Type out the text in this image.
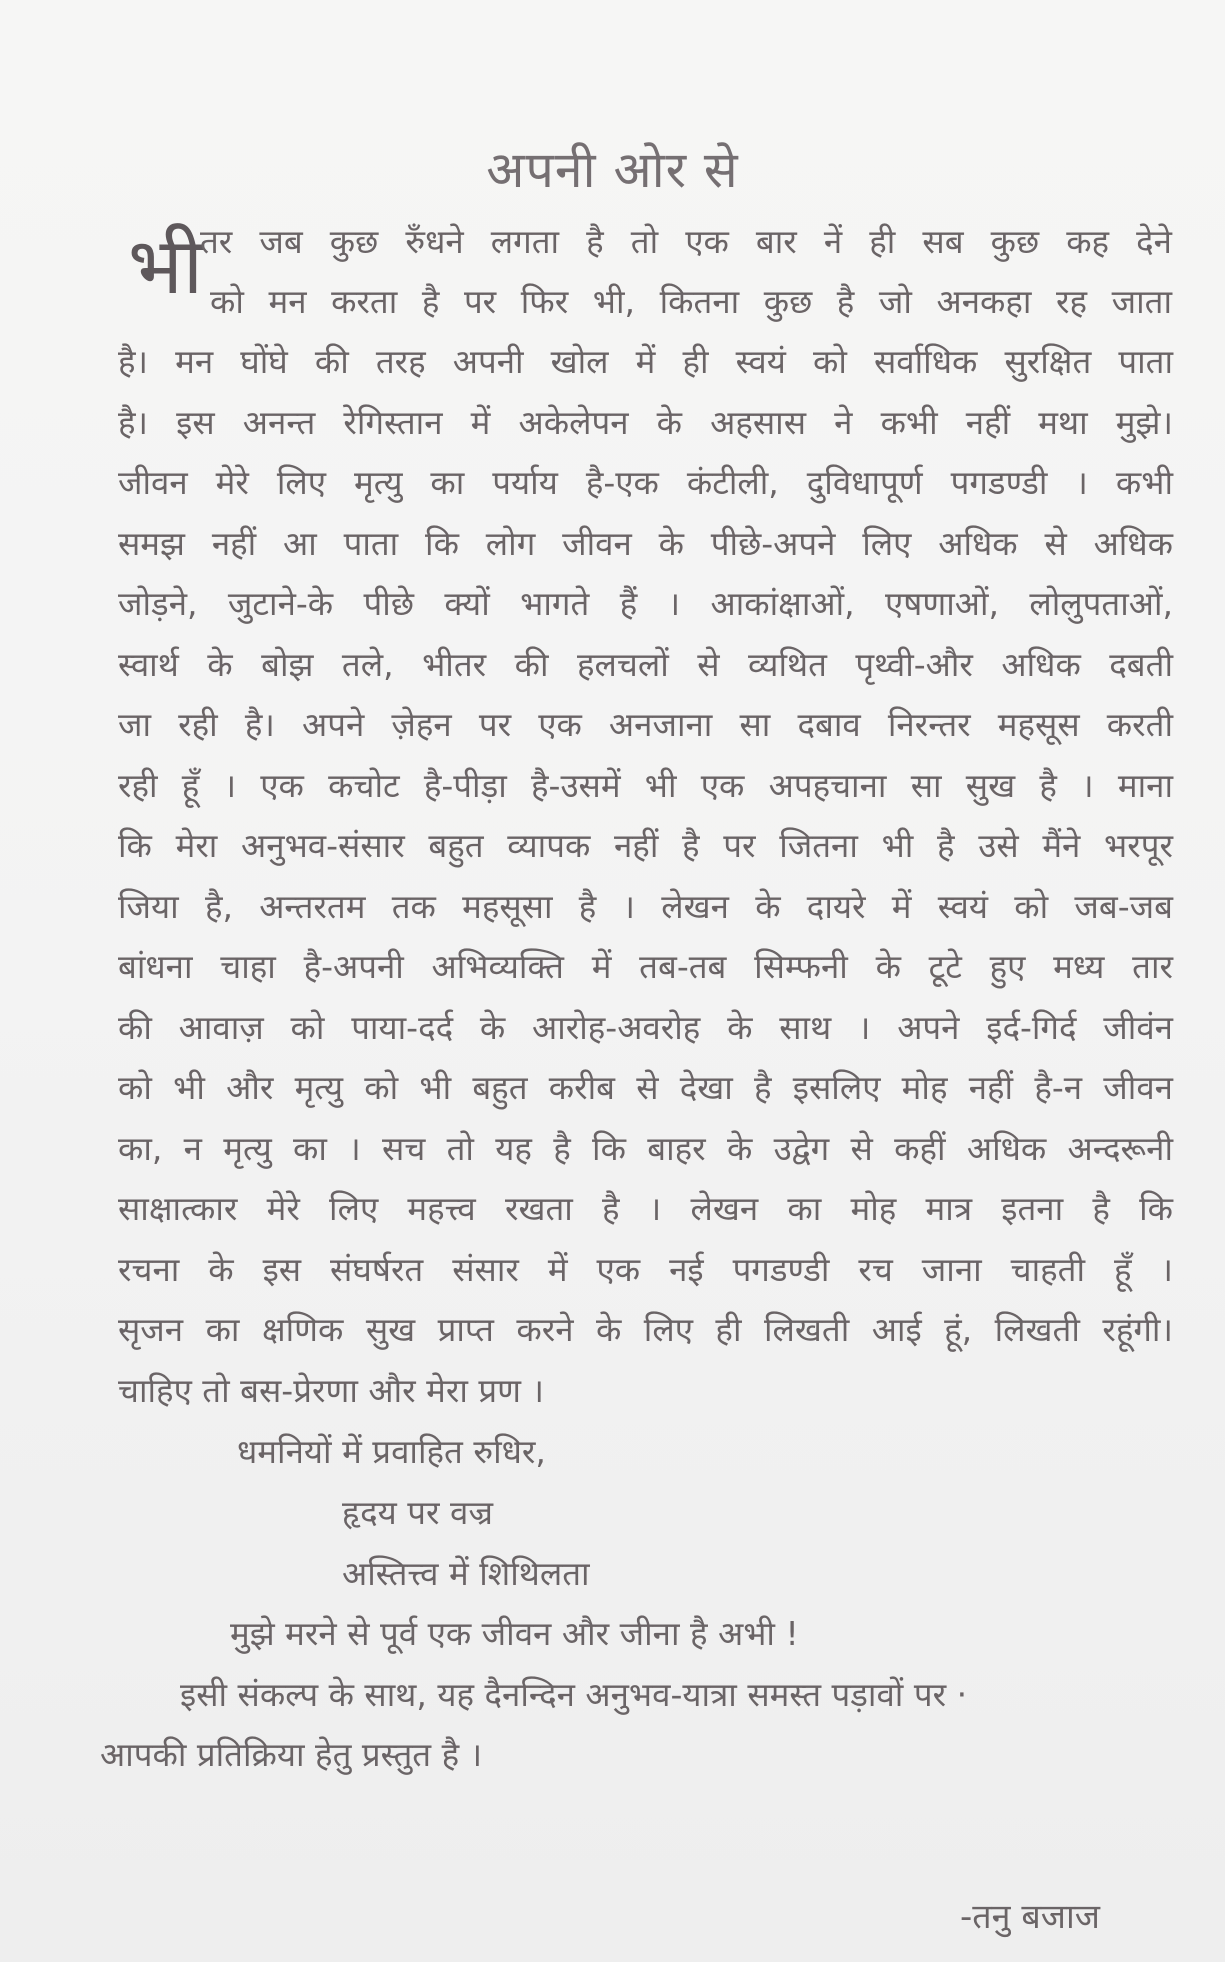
अपनी ओर से
भी
तर जब कुछ रुँधने लगता है तो एक बार नें ही सब कुछ कह देने
को मन करता है पर फिर भी, कितना कुछ है जो अनकहा रह जाता
है। मन घोंघे की तरह अपनी खोल में ही स्वयं को सर्वाधिक सुरक्षित पाता
है। इस अनन्त रेगिस्तान में अकेलेपन के अहसास ने कभी नहीं मथा मुझे।
जीवन मेरे लिए मृत्यु का पर्याय है-एक कंटीली, दुविधापूर्ण पगडण्डी । कभी
समझ नहीं आ पाता कि लोग जीवन के पीछे-अपने लिए अधिक से अधिक
जोड़ने, जुटाने-के पीछे क्यों भागते हैं । आकांक्षाओं, एषणाओं, लोलुपताओं,
स्वार्थ के बोझ तले, भीतर की हलचलों से व्यथित पृथ्वी-और अधिक दबती
जा रही है। अपने ज़ेहन पर एक अनजाना सा दबाव निरन्तर महसूस करती
रही हूँ । एक कचोट है-पीड़ा है-उसमें भी एक अपहचाना सा सुख है । माना
कि मेरा अनुभव-संसार बहुत व्यापक नहीं है पर जितना भी है उसे मैंने भरपूर
जिया है, अन्तरतम तक महसूसा है । लेखन के दायरे में स्वयं को जब-जब
बांधना चाहा है-अपनी अभिव्यक्ति में तब-तब सिम्फनी के टूटे हुए मध्य तार
की आवाज़ को पाया-दर्द के आरोह-अवरोह के साथ । अपने इर्द-गिर्द जीवंन
को भी और मृत्यु को भी बहुत करीब से देखा है इसलिए मोह नहीं है-न जीवन
का, न मृत्यु का । सच तो यह है कि बाहर के उद्वेग से कहीं अधिक अन्दरूनी
साक्षात्कार मेरे लिए महत्त्व रखता है । लेखन का मोह मात्र इतना है कि
रचना के इस संघर्षरत संसार में एक नई पगडण्डी रच जाना चाहती हूँ ।
सृजन का क्षणिक सुख प्राप्त करने के लिए ही लिखती आई हूं, लिखती रहूंगी।
चाहिए तो बस-प्रेरणा और मेरा प्रण ।
धमनियों में प्रवाहित रुधिर,
हृदय पर वज्र
अस्तित्त्व में शिथिलता
मुझे मरने से पूर्व एक जीवन और जीना है अभी !
इसी संकल्प के साथ, यह दैनन्दिन अनुभव-यात्रा समस्त पड़ावों पर ·
आपकी प्रतिक्रिया हेतु प्रस्तुत है ।
-तनु बजाज
